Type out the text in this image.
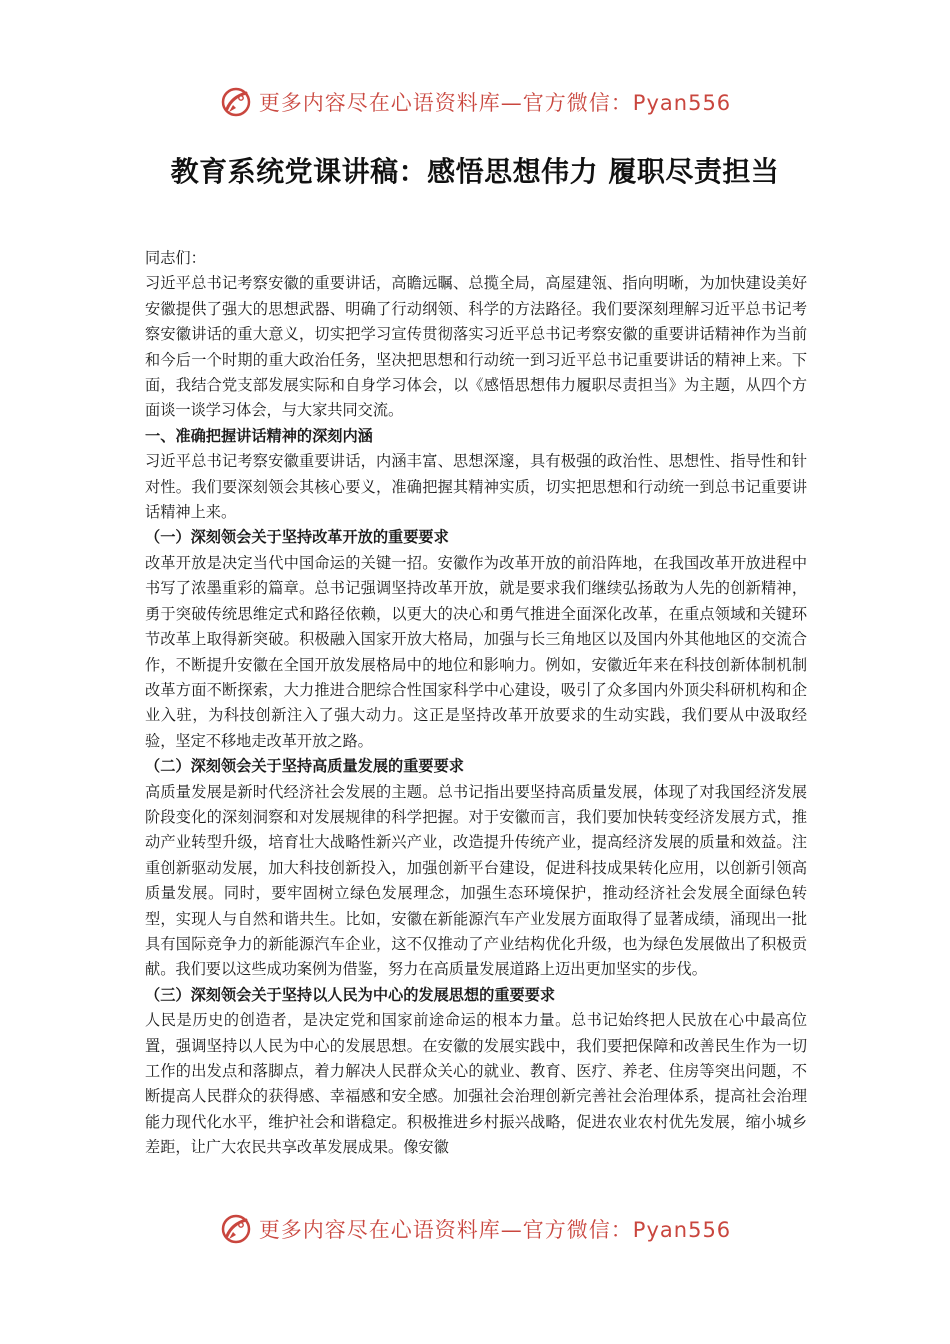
更多内容尽在心语资料库—官方微信：Pyan556
教育系统党课讲稿：感悟思想伟力 履职尽责担当

同志们：

习近平总书记考察安徽的重要讲话，高瞻远瞩、总揽全局，高屋建瓴、指向明晰，为加快建设美好安徽提供了强大的思想武器、明确了行动纲领、科学的方法路径。我们要深刻理解习近平总书记考察安徽讲话的重大意义，切实把学习宣传贯彻落实习近平总书记考察安徽的重要讲话精神作为当前和今后一个时期的重大政治任务，坚决把思想和行动统一到习近平总书记重要讲话的精神上来。下面，我结合党支部发展实际和自身学习体会，以《感悟思想伟力履职尽责担当》为主题，从四个方面谈一谈学习体会，与大家共同交流。

一、准确把握讲话精神的深刻内涵

习近平总书记考察安徽重要讲话，内涵丰富、思想深邃，具有极强的政治性、思想性、指导性和针对性。我们要深刻领会其核心要义，准确把握其精神实质，切实把思想和行动统一到总书记重要讲话精神上来。

（一）深刻领会关于坚持改革开放的重要要求

改革开放是决定当代中国命运的关键一招。安徽作为改革开放的前沿阵地，在我国改革开放进程中书写了浓墨重彩的篇章。总书记强调坚持改革开放，就是要求我们继续弘扬敢为人先的创新精神，勇于突破传统思维定式和路径依赖，以更大的决心和勇气推进全面深化改革，在重点领域和关键环节改革上取得新突破。积极融入国家开放大格局，加强与长三角地区以及国内外其他地区的交流合作，不断提升安徽在全国开放发展格局中的地位和影响力。例如，安徽近年来在科技创新体制机制改革方面不断探索，大力推进合肥综合性国家科学中心建设，吸引了众多国内外顶尖科研机构和企业入驻，为科技创新注入了强大动力。这正是坚持改革开放要求的生动实践，我们要从中汲取经验，坚定不移地走改革开放之路。

（二）深刻领会关于坚持高质量发展的重要要求

高质量发展是新时代经济社会发展的主题。总书记指出要坚持高质量发展，体现了对我国经济发展阶段变化的深刻洞察和对发展规律的科学把握。对于安徽而言，我们要加快转变经济发展方式，推动产业转型升级，培育壮大战略性新兴产业，改造提升传统产业，提高经济发展的质量和效益。注重创新驱动发展，加大科技创新投入，加强创新平台建设，促进科技成果转化应用，以创新引领高质量发展。同时，要牢固树立绿色发展理念，加强生态环境保护，推动经济社会发展全面绿色转型，实现人与自然和谐共生。比如，安徽在新能源汽车产业发展方面取得了显著成绩，涌现出一批具有国际竞争力的新能源汽车企业，这不仅推动了产业结构优化升级，也为绿色发展做出了积极贡献。我们要以这些成功案例为借鉴，努力在高质量发展道路上迈出更加坚实的步伐。

（三）深刻领会关于坚持以人民为中心的发展思想的重要要求

人民是历史的创造者，是决定党和国家前途命运的根本力量。总书记始终把人民放在心中最高位置，强调坚持以人民为中心的发展思想。在安徽的发展实践中，我们要把保障和改善民生作为一切工作的出发点和落脚点，着力解决人民群众关心的就业、教育、医疗、养老、住房等突出问题，不断提高人民群众的获得感、幸福感和安全感。加强社会治理创新完善社会治理体系，提高社会治理能力现代化水平，维护社会和谐稳定。积极推进乡村振兴战略，促进农业农村优先发展，缩小城乡差距，让广大农民共享改革发展成果。像安徽

更多内容尽在心语资料库—官方微信：Pyan556
